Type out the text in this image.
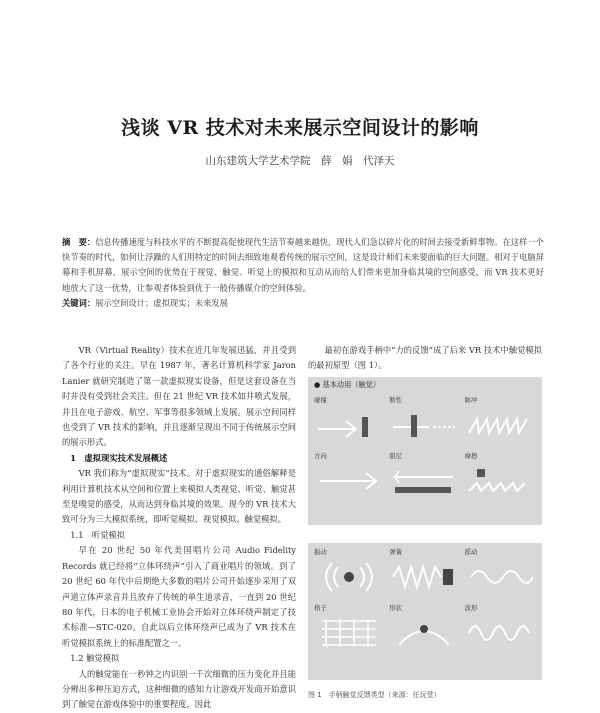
浅谈 VR 技术对未来展示空间设计的影响
山东建筑大学艺术学院　薛　娟　代泽天
摘　要：信息传播速度与科技水平的不断提高促使现代生活节奏越来越快，现代人们急以碎片化的时间去接受新鲜事物。在这样一个快节奏的时代，如何让浮躁的人们用特定的时间去细致地观看传统的展示空间，这是设计师们未来要面临的巨大问题。相对于电脑屏幕和手机屏幕，展示空间的优势在于视觉、触觉、听觉上的模拟和互动从而给人们带来更加身临其境的空间感受，而 VR 技术更好地放大了这一优势，让参观者体验到优于一般传播媒介的空间体验。
关键词：展示空间设计；虚拟现实；未来发展

VR（Virtual Reality）技术在近几年发展迅猛，并且受到了各个行业的关注。早在 1987 年，著名计算机科学家 Jaron Lanier 就研究制造了第一款虚拟现实设备，但是这套设备在当时并没有受到社会关注。但在 21 世纪 VR 技术如井喷式发展，并且在电子游戏、航空、军事等很多领域上发展。展示空间同样也受到了 VR 技术的影响，并且逐渐呈现出不同于传统展示空间的展示形式。

1　虚拟现实技术发展概述

VR 我们称为“虚拟现实”技术。对于虚拟现实的通俗解释是利用计算机技术从空间和位置上来模拟人类视觉、听觉、触觉甚至是嗅觉的感受，从而达到身临其境的效果。现今的 VR 技术大致可分为三大模拟系统，即听觉模拟、视觉模拟、触觉模拟。

1.1　听觉模拟

早在 20 世纪 50 年代美国唱片公司 Audio Fidelity Records 就已经将“立体环绕声”引入了商业唱片的领域。到了 20 世纪 60 年代中后期绝大多数的唱片公司开始逐步采用了双声道立体声录音并且放弃了传统的单生道录音，一直到 20 世纪 80 年代，日本的电子机械工业协会开始对立体环绕声制定了技术标准—STC-020。自此以后立体环绕声已成为了 VR 技术在听觉模拟系统上的标准配置之一。

1.2 触觉模拟

人的触觉能在一秒钟之内识别一千次细微的压力变化并且能分辨出多种压迫方式，这种细微的感知力让游戏开发商开始意识到了触觉在游戏体验中的重要程度，因此

最初在游戏手柄中“力的反馈”成了后来 VR 技术中触觉模拟的最初原型（图 1）。

● 基本动用（触觉）
碰撞	断性	脉冲
方向	阻尼	摩擦
振动	弹簧	摇动
格子	形状	波形
图 1　手柄触觉反馈类型（来源：任玩堂）
